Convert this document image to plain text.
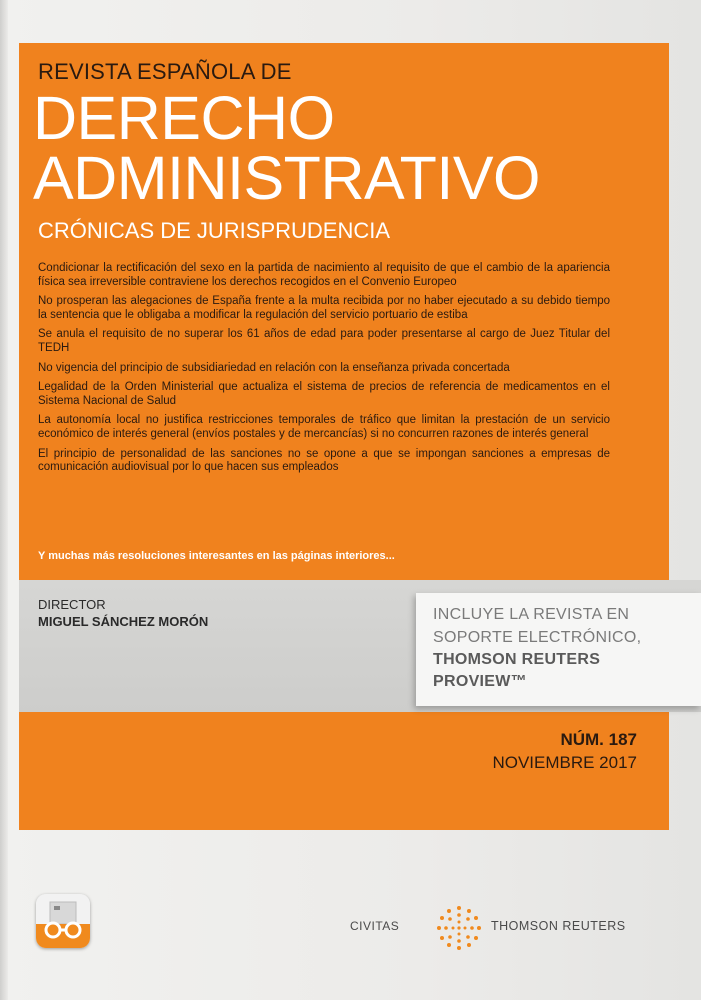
REVISTA ESPAÑOLA DE
DERECHO
ADMINISTRATIVO
CRÓNICAS DE JURISPRUDENCIA
Condicionar la rectificación del sexo en la partida de nacimiento al requisito de que el cambio de la apariencia física sea irreversible contraviene los derechos recogidos en el Convenio Europeo
No prosperan las alegaciones de España frente a la multa recibida por no haber ejecutado a su debido tiempo la sentencia que le obligaba a modificar la regulación del servicio portuario de estiba
Se anula el requisito de no superar los 61 años de edad para poder presentarse al cargo de Juez Titular del TEDH
No vigencia del principio de subsidiariedad en relación con la enseñanza privada concertada
Legalidad de la Orden Ministerial que actualiza el sistema de precios de referencia de medicamentos en el Sistema Nacional de Salud
La autonomía local no justifica restricciones temporales de tráfico que limitan la prestación de un servicio económico de interés general (envíos postales y de mercancías) si no concurren razones de interés general
El principio de personalidad de las sanciones no se opone a que se impongan sanciones a empresas de comunicación audiovisual por lo que hacen sus empleados
Y muchas más resoluciones interesantes en las páginas interiores...
DIRECTOR
MIGUEL SÁNCHEZ MORÓN	INCLUYE LA REVISTA EN
SOPORTE ELECTRÓNICO,
THOMSON REUTERS
PROVIEW™
NÚM. 187
NOVIEMBRE 2017
CIVITAS	THOMSON REUTERS
